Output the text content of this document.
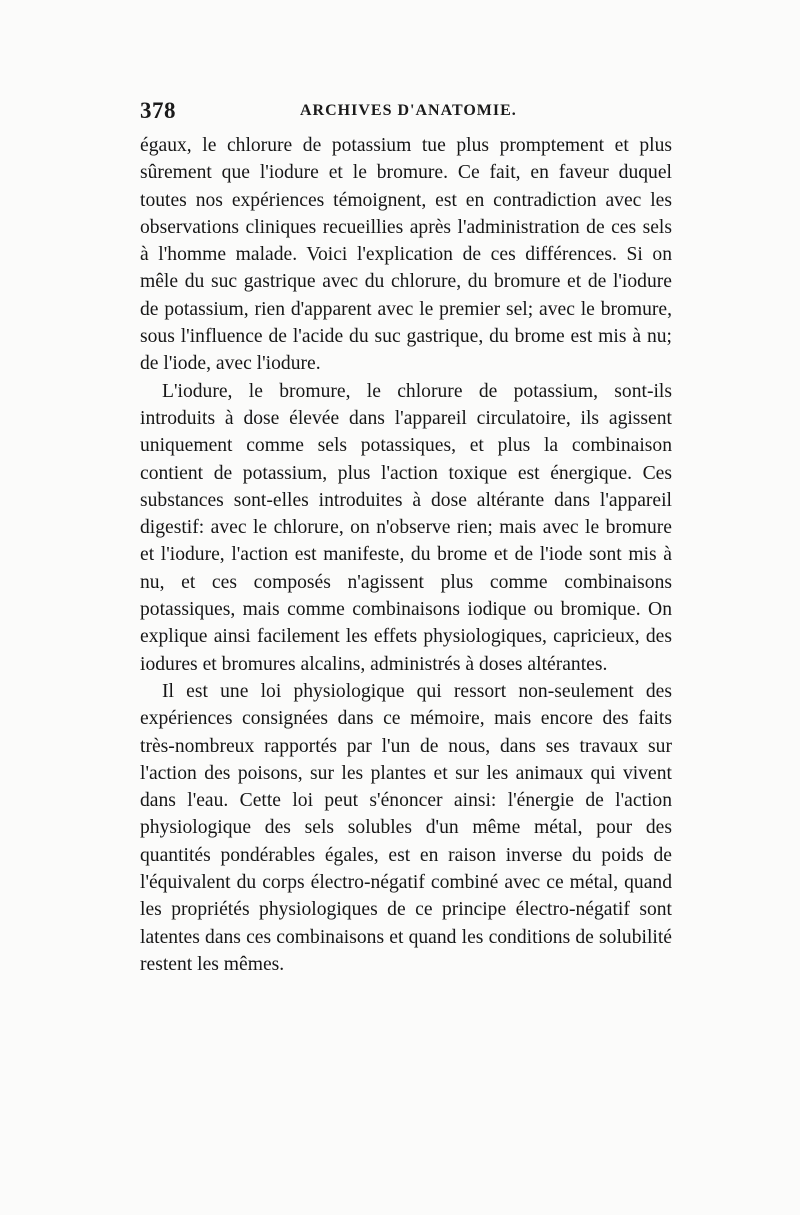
378	ARCHIVES D'ANATOMIE.

égaux, le chlorure de potassium tue plus promptement et plus sûrement que l'iodure et le bromure. Ce fait, en faveur duquel toutes nos expériences témoignent, est en contradiction avec les observations cliniques recueillies après l'administration de ces sels à l'homme malade. Voici l'explication de ces différences. Si on mêle du suc gastrique avec du chlorure, du bromure et de l'iodure de potassium, rien d'apparent avec le premier sel; avec le bromure, sous l'influence de l'acide du suc gastrique, du brome est mis à nu; de l'iode, avec l'iodure.

L'iodure, le bromure, le chlorure de potassium, sont-ils introduits à dose élevée dans l'appareil circulatoire, ils agissent uniquement comme sels potassiques, et plus la combinaison contient de potassium, plus l'action toxique est énergique. Ces substances sont-elles introduites à dose altérante dans l'appareil digestif: avec le chlorure, on n'observe rien; mais avec le bromure et l'iodure, l'action est manifeste, du brome et de l'iode sont mis à nu, et ces composés n'agissent plus comme combinaisons potassiques, mais comme combinaisons iodique ou bromique. On explique ainsi facilement les effets physiologiques, capricieux, des iodures et bromures alcalins, administrés à doses altérantes.

Il est une loi physiologique qui ressort non-seulement des expériences consignées dans ce mémoire, mais encore des faits très-nombreux rapportés par l'un de nous, dans ses travaux sur l'action des poisons, sur les plantes et sur les animaux qui vivent dans l'eau. Cette loi peut s'énoncer ainsi: l'énergie de l'action physiologique des sels solubles d'un même métal, pour des quantités pondérables égales, est en raison inverse du poids de l'équivalent du corps électro-négatif combiné avec ce métal, quand les propriétés physiologiques de ce principe électro-négatif sont latentes dans ces combinaisons et quand les conditions de solubilité restent les mêmes.
